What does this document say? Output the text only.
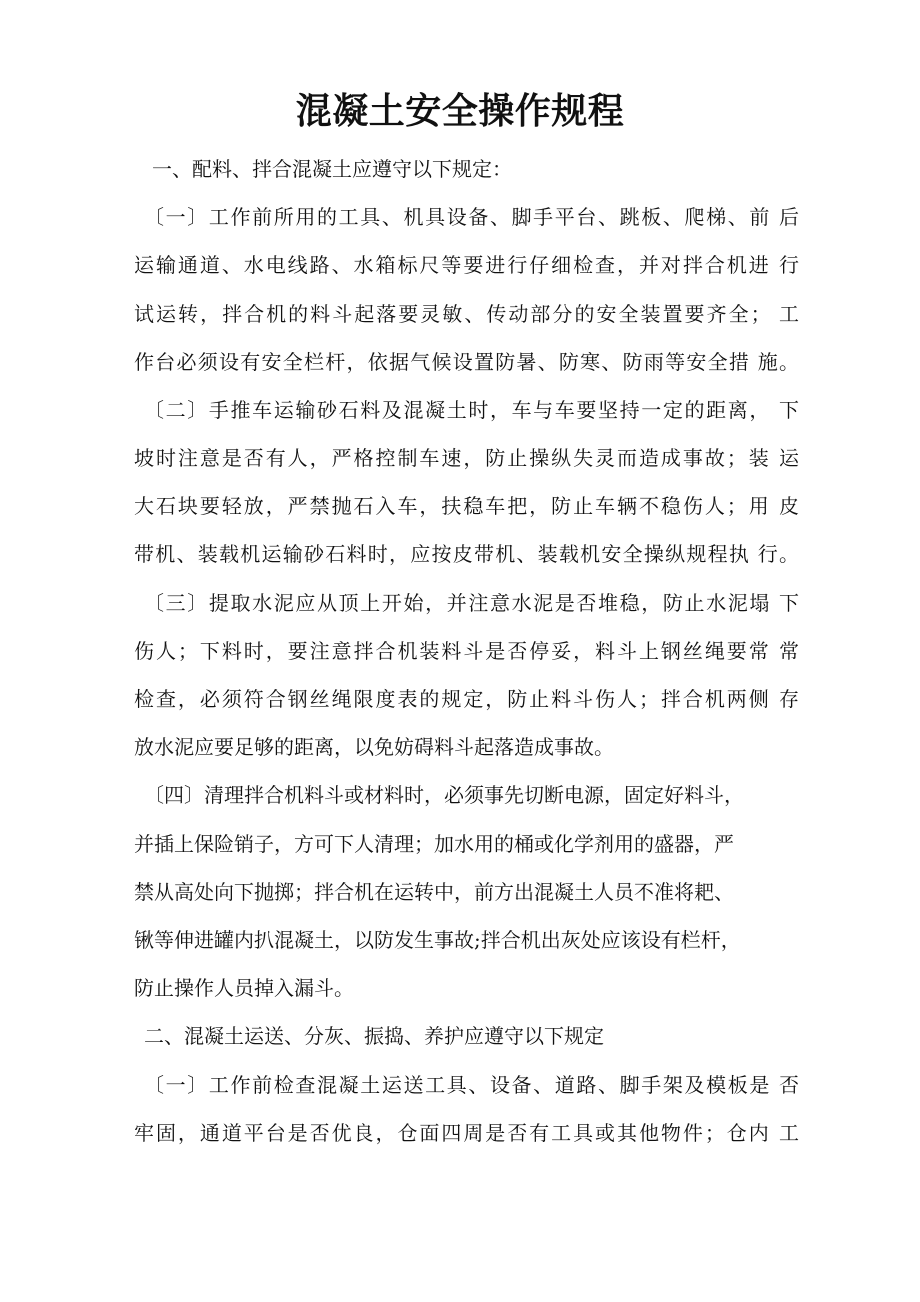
混凝土安全操作规程

一、配料、拌合混凝土应遵守以下规定：

〔一〕工作前所用的工具、机具设备、脚手平台、跳板、爬梯、前 后

运输通道、水电线路、水箱标尺等要进行仔细检查，并对拌合机进 行

试运转，拌合机的料斗起落要灵敏、传动部分的安全装置要齐全； 工

作台必须设有安全栏杆，依据气候设置防暑、防寒、防雨等安全措 施。

〔二〕手推车运输砂石料及混凝土时，车与车要坚持一定的距离， 下

坡时注意是否有人，严格控制车速，防止操纵失灵而造成事故；装 运

大石块要轻放，严禁抛石入车，扶稳车把，防止车辆不稳伤人；用 皮

带机、装载机运输砂石料时，应按皮带机、装载机安全操纵规程执 行。

〔三〕提取水泥应从顶上开始，并注意水泥是否堆稳，防止水泥塌 下

伤人；下料时，要注意拌合机装料斗是否停妥，料斗上钢丝绳要常 常

检查，必须符合钢丝绳限度表的规定，防止料斗伤人；拌合机两侧 存

放水泥应要足够的距离，以免妨碍料斗起落造成事故。

〔四〕清理拌合机料斗或材料时，必须事先切断电源，固定好料斗，

并插上保险销子，方可下人清理；加水用的桶或化学剂用的盛器，严

禁从高处向下抛掷；拌合机在运转中，前方出混凝土人员不准将耙、

锹等伸进罐内扒混凝土，以防发生事故;拌合机出灰处应该设有栏杆，

防止操作人员掉入漏斗。

二、混凝土运送、分灰、振捣、养护应遵守以下规定

〔一〕工作前检查混凝土运送工具、设备、道路、脚手架及模板是 否

牢固，通道平台是否优良，仓面四周是否有工具或其他物件；仓内 工
